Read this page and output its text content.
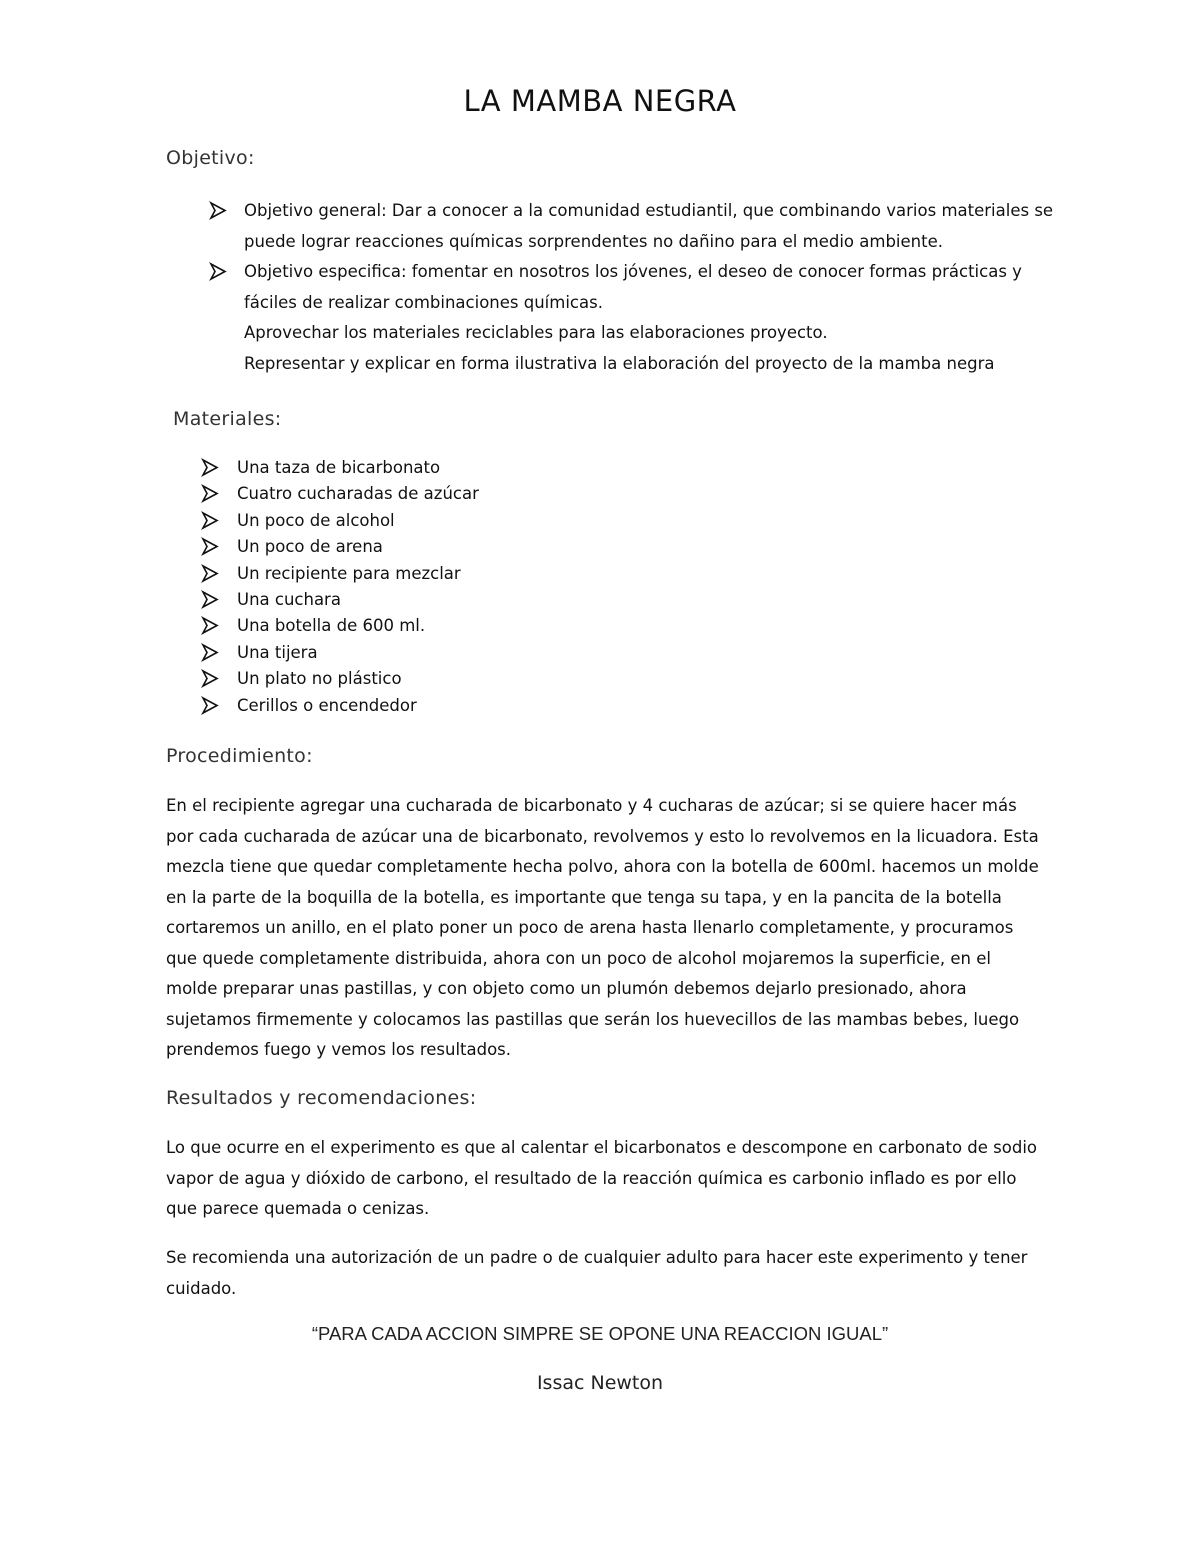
LA MAMBA NEGRA
Objetivo:
Objetivo general: Dar a conocer a la comunidad estudiantil, que combinando varios materiales se puede lograr reacciones químicas sorprendentes no dañino para el medio ambiente.
Objetivo especifica: fomentar en nosotros los jóvenes, el deseo de conocer formas prácticas y fáciles de realizar combinaciones químicas.
Aprovechar los materiales reciclables para las elaboraciones proyecto.
Representar y explicar en forma ilustrativa la elaboración del proyecto de la mamba negra
Materiales:
Una taza de bicarbonato
Cuatro cucharadas de azúcar
Un poco de alcohol
Un poco de arena
Un recipiente para mezclar
Una cuchara
Una botella de 600 ml.
Una tijera
Un plato no plástico
Cerillos o encendedor
Procedimiento:

En el recipiente agregar una cucharada de bicarbonato y 4 cucharas de azúcar; si se quiere hacer más por cada cucharada de azúcar una de bicarbonato, revolvemos y esto lo revolvemos en la licuadora. Esta mezcla tiene que quedar completamente hecha polvo, ahora con la botella de 600ml. hacemos un molde en la parte de la boquilla de la botella, es importante que tenga su tapa, y en la pancita de la botella cortaremos un anillo, en el plato poner un poco de arena hasta llenarlo completamente, y procuramos que quede completamente distribuida, ahora con un poco de alcohol mojaremos la superficie, en el molde preparar unas pastillas, y con objeto como un plumón debemos dejarlo presionado, ahora sujetamos firmemente y colocamos las pastillas que serán los huevecillos de las mambas bebes, luego prendemos fuego y vemos los resultados.

Resultados y recomendaciones:

Lo que ocurre en el experimento es que al calentar el bicarbonatos e descompone en carbonato de sodio vapor de agua y dióxido de carbono, el resultado de la reacción química es carbonio inflado es por ello que parece quemada o cenizas.

Se recomienda una autorización de un padre o de cualquier adulto para hacer este experimento y tener cuidado.

“PARA CADA ACCION SIMPRE SE OPONE UNA REACCION IGUAL”
Issac Newton
